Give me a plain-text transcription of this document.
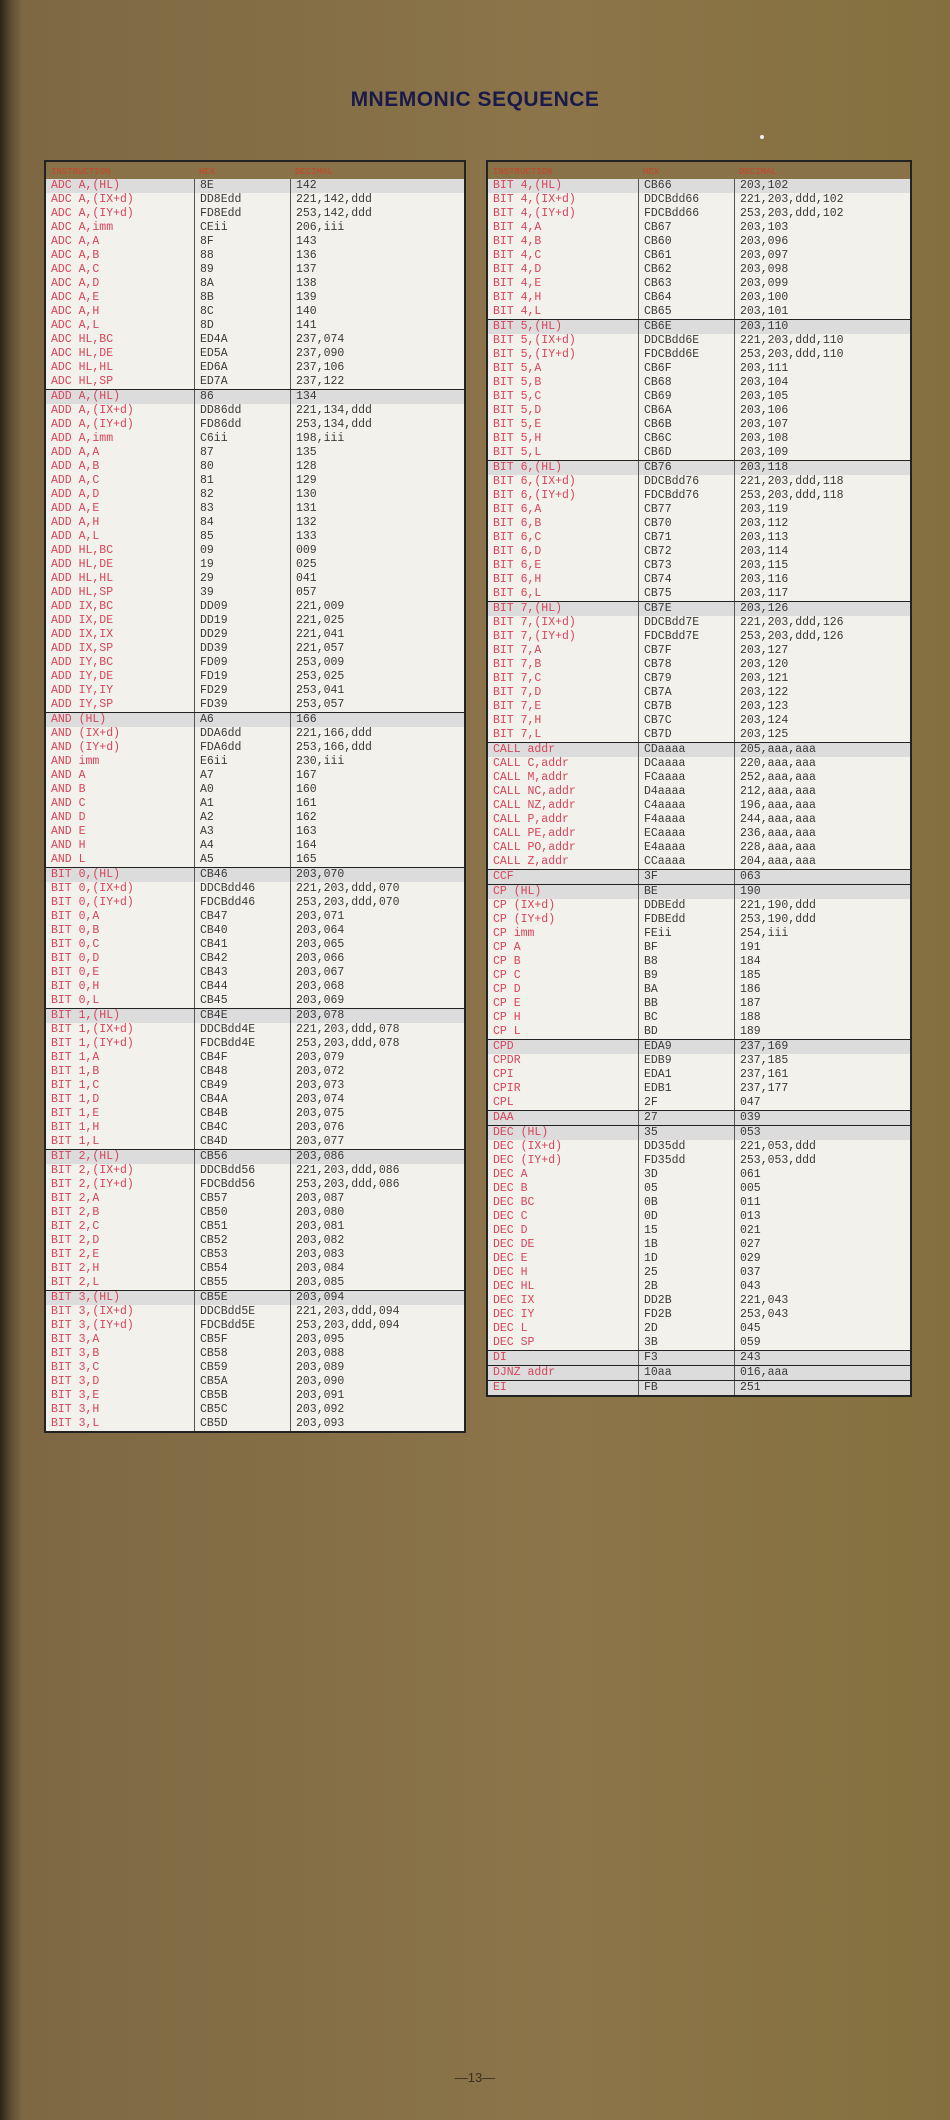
MNEMONIC SEQUENCE
INSTRUCTION	HEX	DECIMAL
ADC A,(HL)	8E	142
ADC A,(IX+d)	DD8Edd	221,142,ddd
ADC A,(IY+d)	FD8Edd	253,142,ddd
ADC A,imm	CEii	206,iii
ADC A,A	8F	143
ADC A,B	88	136
ADC A,C	89	137
ADC A,D	8A	138
ADC A,E	8B	139
ADC A,H	8C	140
ADC A,L	8D	141
ADC HL,BC	ED4A	237,074
ADC HL,DE	ED5A	237,090
ADC HL,HL	ED6A	237,106
ADC HL,SP	ED7A	237,122
ADD A,(HL)	86	134
ADD A,(IX+d)	DD86dd	221,134,ddd
ADD A,(IY+d)	FD86dd	253,134,ddd
ADD A,imm	C6ii	198,iii
ADD A,A	87	135
ADD A,B	80	128
ADD A,C	81	129
ADD A,D	82	130
ADD A,E	83	131
ADD A,H	84	132
ADD A,L	85	133
ADD HL,BC	09	009
ADD HL,DE	19	025
ADD HL,HL	29	041
ADD HL,SP	39	057
ADD IX,BC	DD09	221,009
ADD IX,DE	DD19	221,025
ADD IX,IX	DD29	221,041
ADD IX,SP	DD39	221,057
ADD IY,BC	FD09	253,009
ADD IY,DE	FD19	253,025
ADD IY,IY	FD29	253,041
ADD IY,SP	FD39	253,057
AND (HL)	A6	166
AND (IX+d)	DDA6dd	221,166,ddd
AND (IY+d)	FDA6dd	253,166,ddd
AND imm	E6ii	230,iii
AND A	A7	167
AND B	A0	160
AND C	A1	161
AND D	A2	162
AND E	A3	163
AND H	A4	164
AND L	A5	165
BIT 0,(HL)	CB46	203,070
BIT 0,(IX+d)	DDCBdd46	221,203,ddd,070
BIT 0,(IY+d)	FDCBdd46	253,203,ddd,070
BIT 0,A	CB47	203,071
BIT 0,B	CB40	203,064
BIT 0,C	CB41	203,065
BIT 0,D	CB42	203,066
BIT 0,E	CB43	203,067
BIT 0,H	CB44	203,068
BIT 0,L	CB45	203,069
BIT 1,(HL)	CB4E	203,078
BIT 1,(IX+d)	DDCBdd4E	221,203,ddd,078
BIT 1,(IY+d)	FDCBdd4E	253,203,ddd,078
BIT 1,A	CB4F	203,079
BIT 1,B	CB48	203,072
BIT 1,C	CB49	203,073
BIT 1,D	CB4A	203,074
BIT 1,E	CB4B	203,075
BIT 1,H	CB4C	203,076
BIT 1,L	CB4D	203,077
BIT 2,(HL)	CB56	203,086
BIT 2,(IX+d)	DDCBdd56	221,203,ddd,086
BIT 2,(IY+d)	FDCBdd56	253,203,ddd,086
BIT 2,A	CB57	203,087
BIT 2,B	CB50	203,080
BIT 2,C	CB51	203,081
BIT 2,D	CB52	203,082
BIT 2,E	CB53	203,083
BIT 2,H	CB54	203,084
BIT 2,L	CB55	203,085
BIT 3,(HL)	CB5E	203,094
BIT 3,(IX+d)	DDCBdd5E	221,203,ddd,094
BIT 3,(IY+d)	FDCBdd5E	253,203,ddd,094
BIT 3,A	CB5F	203,095
BIT 3,B	CB58	203,088
BIT 3,C	CB59	203,089
BIT 3,D	CB5A	203,090
BIT 3,E	CB5B	203,091
BIT 3,H	CB5C	203,092
BIT 3,L	CB5D	203,093
INSTRUCTION	HEX	DECIMAL
BIT 4,(HL)	CB66	203,102
BIT 4,(IX+d)	DDCBdd66	221,203,ddd,102
BIT 4,(IY+d)	FDCBdd66	253,203,ddd,102
BIT 4,A	CB67	203,103
BIT 4,B	CB60	203,096
BIT 4,C	CB61	203,097
BIT 4,D	CB62	203,098
BIT 4,E	CB63	203,099
BIT 4,H	CB64	203,100
BIT 4,L	CB65	203,101
BIT 5,(HL)	CB6E	203,110
BIT 5,(IX+d)	DDCBdd6E	221,203,ddd,110
BIT 5,(IY+d)	FDCBdd6E	253,203,ddd,110
BIT 5,A	CB6F	203,111
BIT 5,B	CB68	203,104
BIT 5,C	CB69	203,105
BIT 5,D	CB6A	203,106
BIT 5,E	CB6B	203,107
BIT 5,H	CB6C	203,108
BIT 5,L	CB6D	203,109
BIT 6,(HL)	CB76	203,118
BIT 6,(IX+d)	DDCBdd76	221,203,ddd,118
BIT 6,(IY+d)	FDCBdd76	253,203,ddd,118
BIT 6,A	CB77	203,119
BIT 6,B	CB70	203,112
BIT 6,C	CB71	203,113
BIT 6,D	CB72	203,114
BIT 6,E	CB73	203,115
BIT 6,H	CB74	203,116
BIT 6,L	CB75	203,117
BIT 7,(HL)	CB7E	203,126
BIT 7,(IX+d)	DDCBdd7E	221,203,ddd,126
BIT 7,(IY+d)	FDCBdd7E	253,203,ddd,126
BIT 7,A	CB7F	203,127
BIT 7,B	CB78	203,120
BIT 7,C	CB79	203,121
BIT 7,D	CB7A	203,122
BIT 7,E	CB7B	203,123
BIT 7,H	CB7C	203,124
BIT 7,L	CB7D	203,125
CALL addr	CDaaaa	205,aaa,aaa
CALL C,addr	DCaaaa	220,aaa,aaa
CALL M,addr	FCaaaa	252,aaa,aaa
CALL NC,addr	D4aaaa	212,aaa,aaa
CALL NZ,addr	C4aaaa	196,aaa,aaa
CALL P,addr	F4aaaa	244,aaa,aaa
CALL PE,addr	ECaaaa	236,aaa,aaa
CALL PO,addr	E4aaaa	228,aaa,aaa
CALL Z,addr	CCaaaa	204,aaa,aaa
CCF	3F	063
CP (HL)	BE	190
CP (IX+d)	DDBEdd	221,190,ddd
CP (IY+d)	FDBEdd	253,190,ddd
CP imm	FEii	254,iii
CP A	BF	191
CP B	B8	184
CP C	B9	185
CP D	BA	186
CP E	BB	187
CP H	BC	188
CP L	BD	189
CPD	EDA9	237,169
CPDR	EDB9	237,185
CPI	EDA1	237,161
CPIR	EDB1	237,177
CPL	2F	047
DAA	27	039
DEC (HL)	35	053
DEC (IX+d)	DD35dd	221,053,ddd
DEC (IY+d)	FD35dd	253,053,ddd
DEC A	3D	061
DEC B	05	005
DEC BC	0B	011
DEC C	0D	013
DEC D	15	021
DEC DE	1B	027
DEC E	1D	029
DEC H	25	037
DEC HL	2B	043
DEC IX	DD2B	221,043
DEC IY	FD2B	253,043
DEC L	2D	045
DEC SP	3B	059
DI	F3	243
DJNZ addr	10aa	016,aaa
EI	FB	251
—13—
